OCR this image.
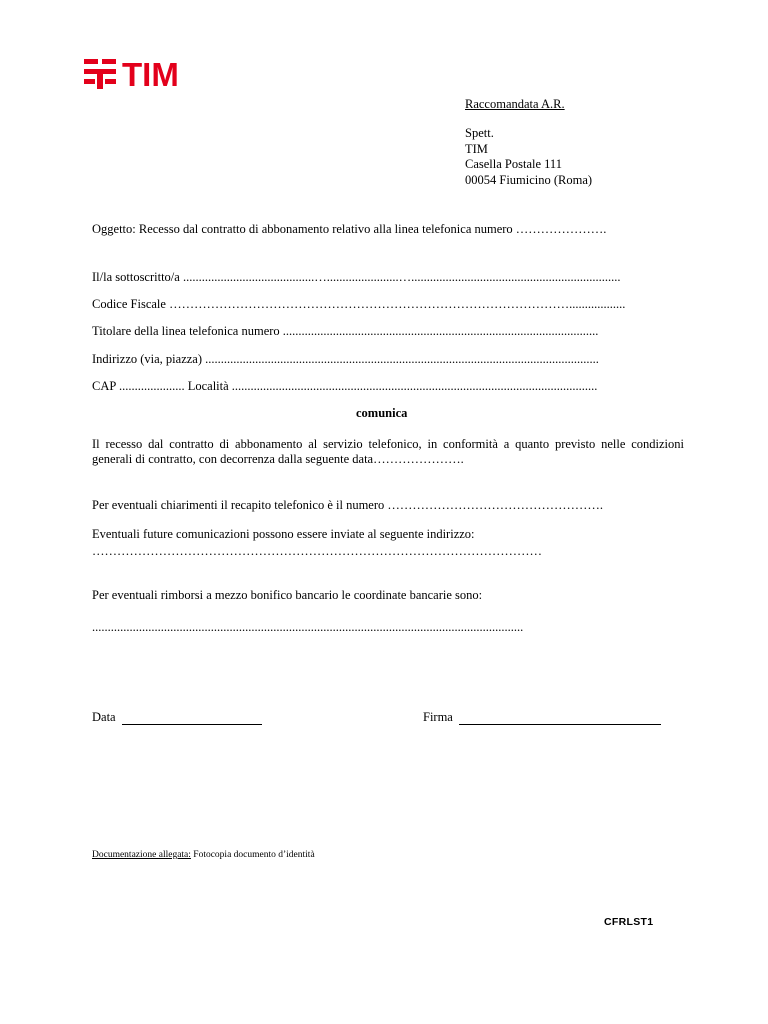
TIM
Raccomandata A.R.
Spett.
TIM
Casella Postale 111
00054 Fiumicino (Roma)
Oggetto: Recesso dal contratto di abbonamento relativo alla linea telefonica numero ………………….
Il/la sottoscritto/a ..........................................….......................…...................................................................
Codice Fiscale ……………………………………………………………………………………..................
Titolare della linea telefonica numero .....................................................................................................
Indirizzo (via, piazza) ..............................................................................................................................
CAP ..................... Località .....................................................................................................................
comunica
Il recesso dal contratto di abbonamento al servizio telefonico, in conformità a quanto previsto nelle condizioni generali di contratto, con decorrenza dalla seguente data………………….
Per eventuali chiarimenti il recapito telefonico è il numero …………………………………………….
Eventuali future comunicazioni possono essere inviate al seguente indirizzo:
………………………………………………………………………………………………
Per eventuali rimborsi a mezzo bonifico bancario le coordinate bancarie sono:
..........................................................................................................................................
Data	Firma
Documentazione allegata: Fotocopia documento d’identità
CFRLST1
